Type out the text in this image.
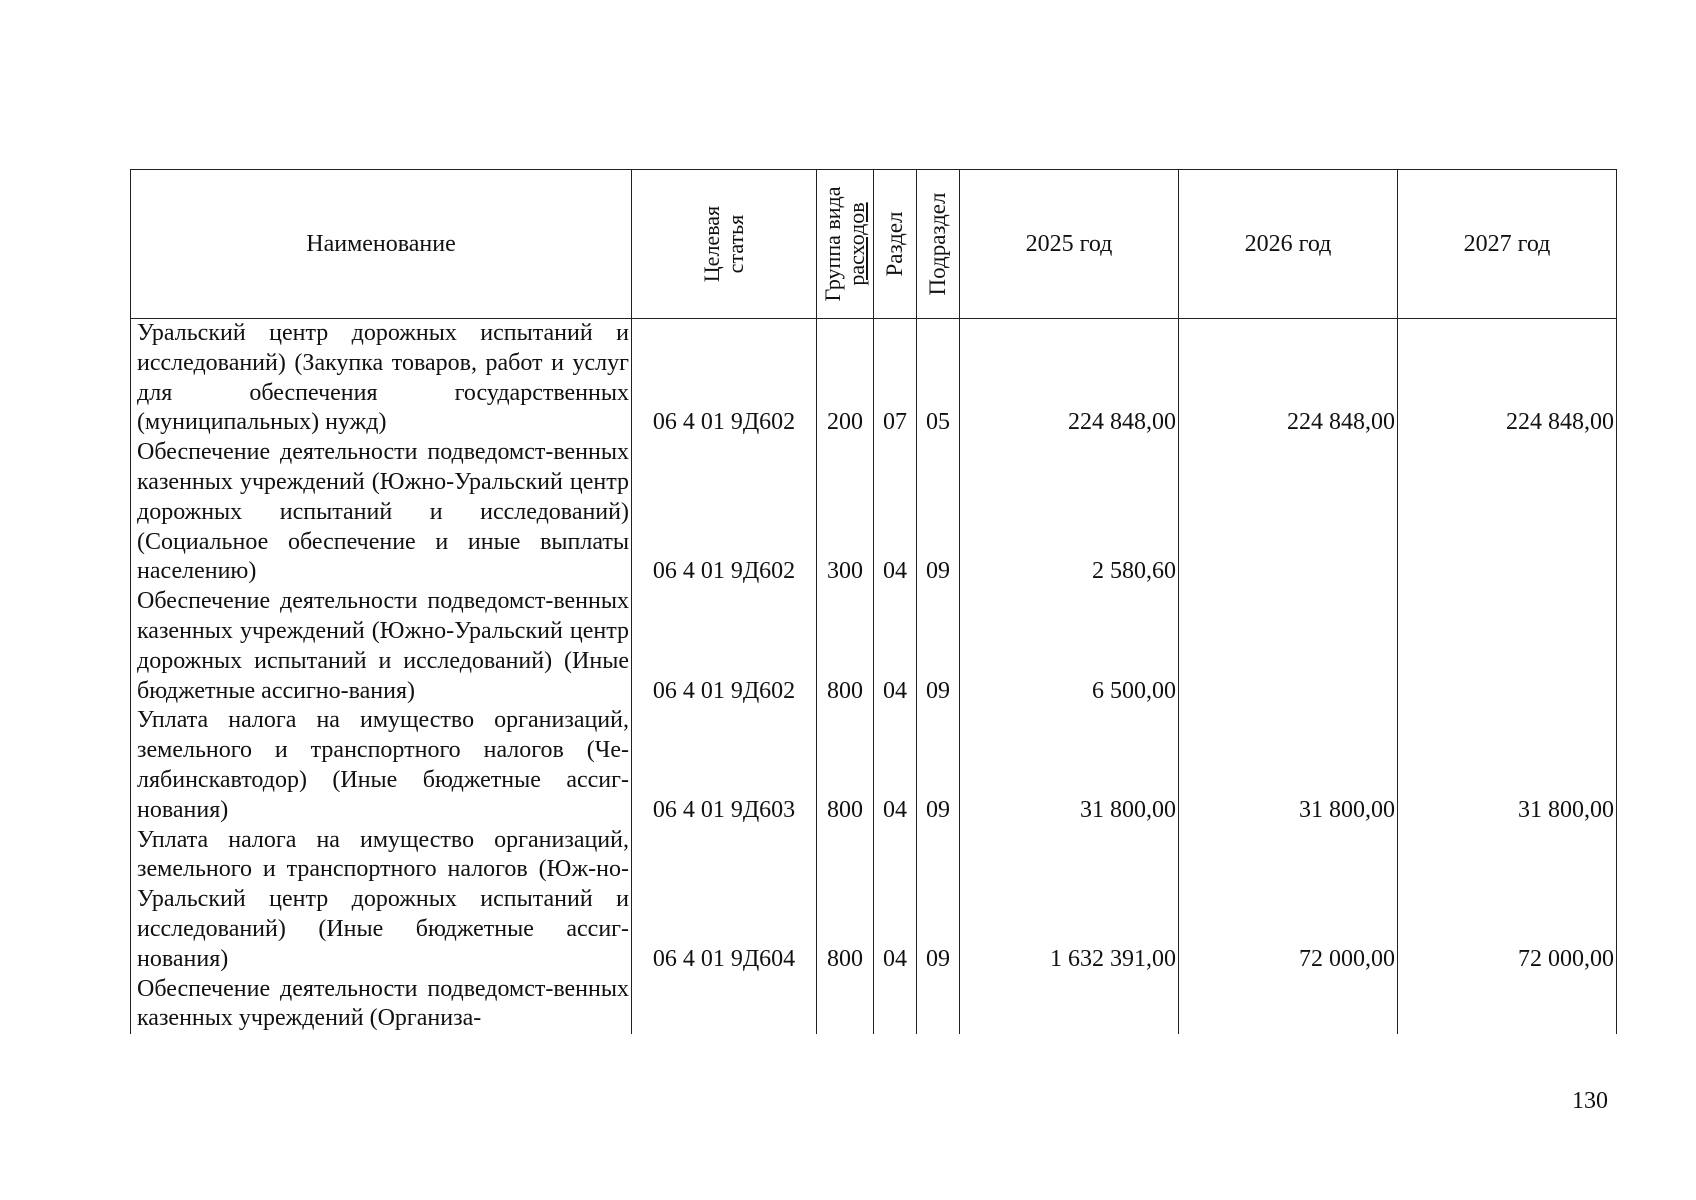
Наименование	Целевая статья	Группа вида расходов	Раздел	Подраздел	2025 год	2026 год	2027 год
Уральский центр дорожных испытаний и исследований) (Закупка товаров, работ и услуг для обеспечения государственных (муниципальных) нужд)	06 4 01 9Д602	200	07	05	224 848,00	224 848,00	224 848,00
Обеспечение деятельности подведомст-венных казенных учреждений (Южно-Уральский центр дорожных испытаний и исследований) (Социальное обеспечение и иные выплаты населению)	06 4 01 9Д602	300	04	09	2 580,60		
Обеспечение деятельности подведомст-венных казенных учреждений (Южно-Уральский центр дорожных испытаний и исследований) (Иные бюджетные ассигно-вания)	06 4 01 9Д602	800	04	09	6 500,00		
Уплата налога на имущество организаций, земельного и транспортного налогов (Че-лябинскавтодор) (Иные бюджетные ассиг-нования)	06 4 01 9Д603	800	04	09	31 800,00	31 800,00	31 800,00
Уплата налога на имущество организаций, земельного и транспортного налогов (Юж-но-Уральский центр дорожных испытаний и исследований) (Иные бюджетные ассиг-нования)	06 4 01 9Д604	800	04	09	1 632 391,00	72 000,00	72 000,00
Обеспечение деятельности подведомст-венных казенных учреждений (Организа-							
130
